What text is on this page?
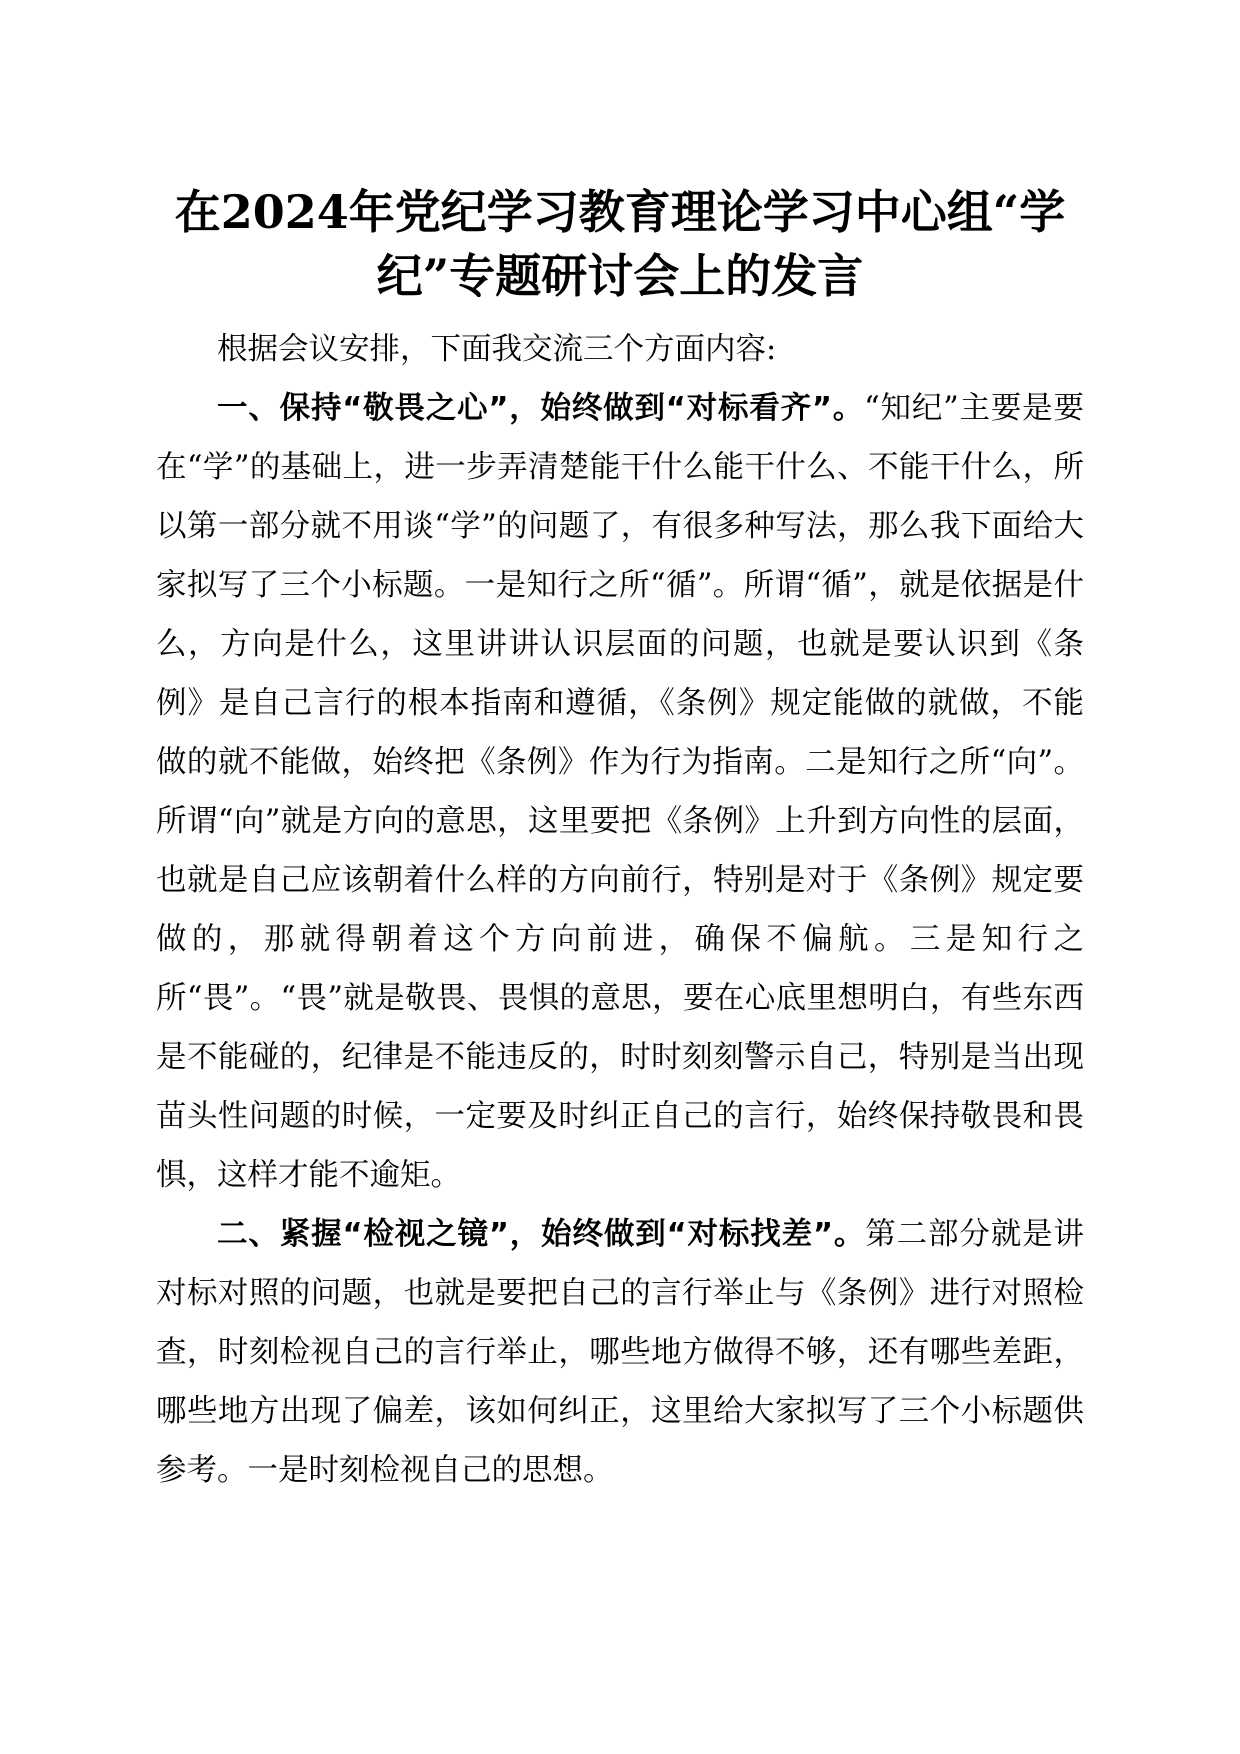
在2024年党纪学习教育理论学习中心组“学纪”专题研讨会上的发言

根据会议安排，下面我交流三个方面内容:

一、保持“敬畏之心”，始终做到“对标看齐”。“知纪”主要是要在“学”的基础上，进一步弄清楚能干什么能干什么、不能干什么，所以第一部分就不用谈“学”的问题了，有很多种写法，那么我下面给大家拟写了三个小标题。一是知行之所“循”。所谓“循”，就是依据是什么，方向是什么，这里讲讲认识层面的问题，也就是要认识到《条例》是自己言行的根本指南和遵循，《条例》规定能做的就做，不能做的就不能做，始终把《条例》作为行为指南。二是知行之所“向”。所谓“向”就是方向的意思，这里要把《条例》上升到方向性的层面，也就是自己应该朝着什么样的方向前行，特别是对于《条例》规定要做的，那就得朝着这个方向前进，确保不偏航。三是知行之所“畏”。“畏”就是敬畏、畏惧的意思，要在心底里想明白，有些东西是不能碰的，纪律是不能违反的，时时刻刻警示自己，特别是当出现苗头性问题的时候，一定要及时纠正自己的言行，始终保持敬畏和畏惧，这样才能不逾矩。

二、紧握“检视之镜”，始终做到“对标找差”。第二部分就是讲对标对照的问题，也就是要把自己的言行举止与《条例》进行对照检查，时刻检视自己的言行举止，哪些地方做得不够，还有哪些差距，哪些地方出现了偏差，该如何纠正，这里给大家拟写了三个小标题供参考。一是时刻检视自己的思想。
